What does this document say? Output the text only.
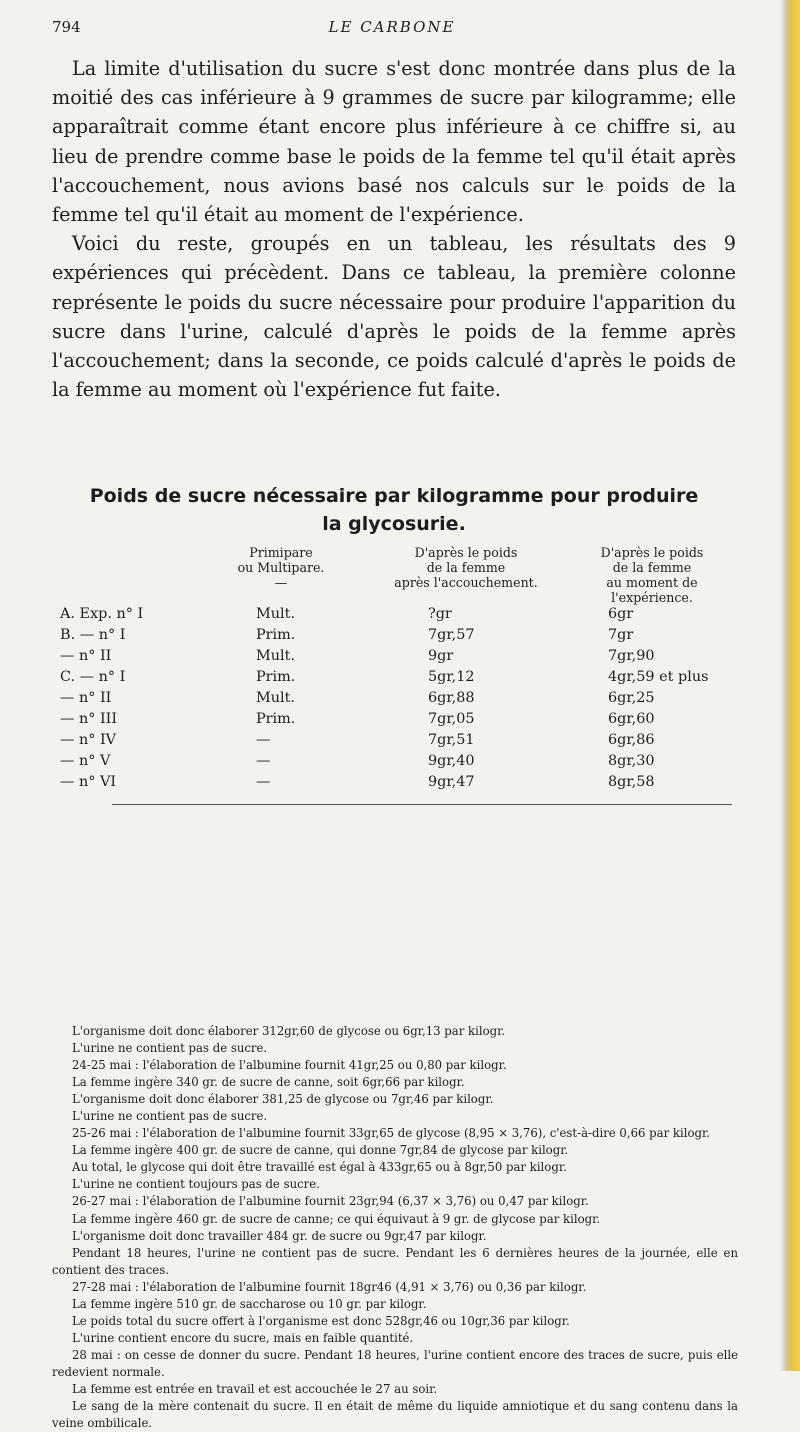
794	LE CARBONE

La limite d'utilisation du sucre s'est donc montrée dans plus de la moitié des cas inférieure à 9 grammes de sucre par kilogramme; elle apparaîtrait comme étant encore plus inférieure à ce chiffre si, au lieu de prendre comme base le poids de la femme tel qu'il était après l'accouchement, nous avions basé nos calculs sur le poids de la femme tel qu'il était au moment de l'expérience.

Voici du reste, groupés en un tableau, les résultats des 9 expériences qui précèdent. Dans ce tableau, la première colonne représente le poids du sucre nécessaire pour produire l'apparition du sucre dans l'urine, calculé d'après le poids de la femme après l'accouchement; dans la seconde, ce poids calculé d'après le poids de la femme au moment où l'expérience fut faite.

Poids de sucre nécessaire par kilogramme pour produire
la glycosurie.
Primipare
ou Multipare.
—
D'après le poids
de la femme
après l'accouchement.
D'après le poids
de la femme
au moment de l'expérience.
A. Exp. n° I	Mult.	?gr	6gr
B. — n° I	Prim.	7gr,57	7gr
— n° II	Mult.	9gr	7gr,90
C. — n° I	Prim.	5gr,12	4gr,59 et plus
— n° II	Mult.	6gr,88	6gr,25
— n° III	Prim.	7gr,05	6gr,60
— n° IV	—	7gr,51	6gr,86
— n° V	—	9gr,40	8gr,30
— n° VI	—	9gr,47	8gr,58

L'organisme doit donc élaborer 312gr,60 de glycose ou 6gr,13 par kilogr.

L'urine ne contient pas de sucre.

24-25 mai : l'élaboration de l'albumine fournit 41gr,25 ou 0,80 par kilogr.

La femme ingère 340 gr. de sucre de canne, soit 6gr,66 par kilogr.

L'organisme doit donc élaborer 381,25 de glycose ou 7gr,46 par kilogr.

L'urine ne contient pas de sucre.

25-26 mai : l'élaboration de l'albumine fournit 33gr,65 de glycose (8,95 × 3,76), c'est-à-dire 0,66 par kilogr.

La femme ingère 400 gr. de sucre de canne, qui donne 7gr,84 de glycose par kilogr.

Au total, le glycose qui doit être travaillé est égal à 433gr,65 ou à 8gr,50 par kilogr.

L'urine ne contient toujours pas de sucre.

26-27 mai : l'élaboration de l'albumine fournit 23gr,94 (6,37 × 3,76) ou 0,47 par kilogr.

La femme ingère 460 gr. de sucre de canne; ce qui équivaut à 9 gr. de glycose par kilogr.

L'organisme doit donc travailler 484 gr. de sucre ou 9gr,47 par kilogr.

Pendant 18 heures, l'urine ne contient pas de sucre. Pendant les 6 dernières heures de la journée, elle en contient des traces.

27-28 mai : l'élaboration de l'albumine fournit 18gr46 (4,91 × 3,76) ou 0,36 par kilogr.

La femme ingère 510 gr. de saccharose ou 10 gr. par kilogr.

Le poids total du sucre offert à l'organisme est donc 528gr,46 ou 10gr,36 par kilogr.

L'urine contient encore du sucre, mais en faible quantité.

28 mai : on cesse de donner du sucre. Pendant 18 heures, l'urine contient encore des traces de sucre, puis elle redevient normale.

La femme est entrée en travail et est accouchée le 27 au soir.

Le sang de la mère contenait du sucre. Il en était de même du liquide amniotique et du sang contenu dans la veine ombilicale.
